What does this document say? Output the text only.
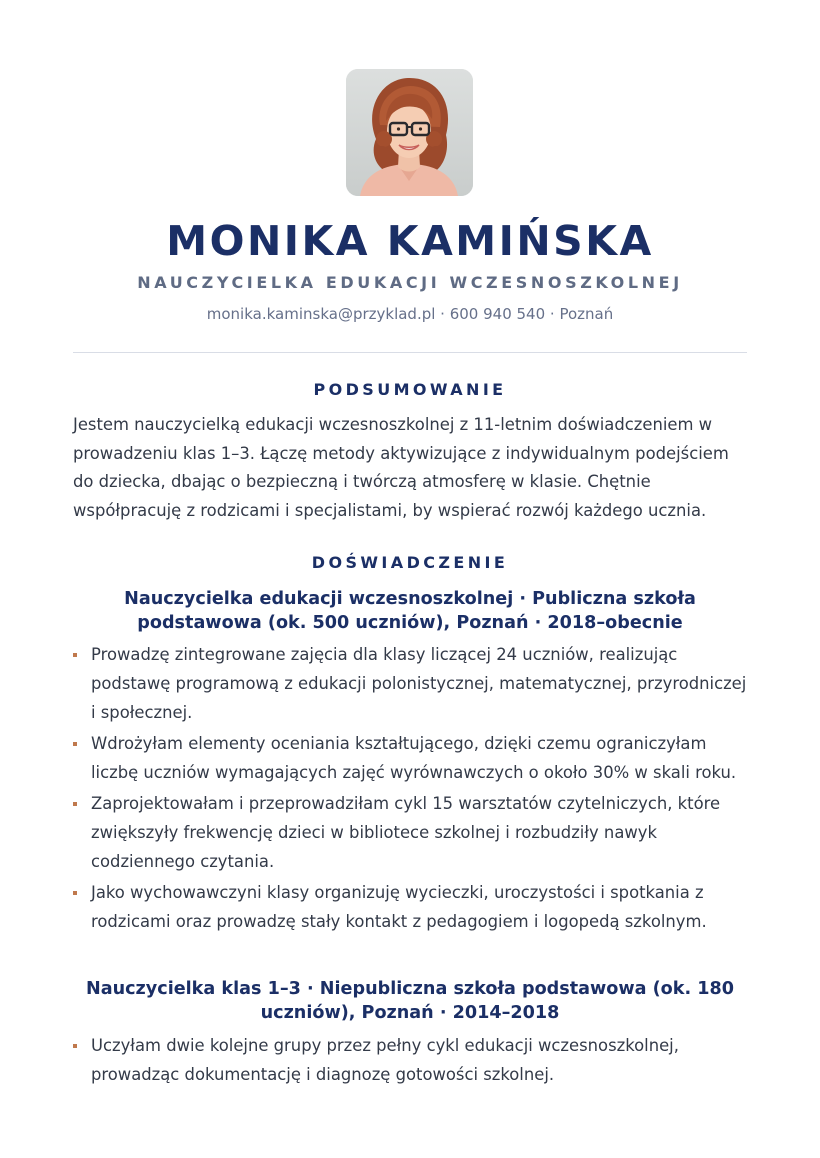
MONIKA KAMIŃSKA
NAUCZYCIELKA EDUKACJI WCZESNOSZKOLNEJ
monika.kaminska@przyklad.pl · 600 940 540 · Poznań
PODSUMOWANIE

Jestem nauczycielką edukacji wczesnoszkolnej z 11-letnim doświadczeniem w prowadzeniu klas 1–3. Łączę metody aktywizujące z indywidualnym podejściem do dziecka, dbając o bezpieczną i twórczą atmosferę w klasie. Chętnie współpracuję z rodzicami i specjalistami, by wspierać rozwój każdego ucznia.

DOŚWIADCZENIE
Nauczycielka edukacji wczesnoszkolnej · Publiczna szkoła
podstawowa (ok. 500 uczniów), Poznań · 2018–obecnie
Prowadzę zintegrowane zajęcia dla klasy liczącej 24 uczniów, realizując podstawę programową z edukacji polonistycznej, matematycznej, przyrodniczej i społecznej.
Wdrożyłam elementy oceniania kształtującego, dzięki czemu ograniczyłam liczbę uczniów wymagających zajęć wyrównawczych o około 30% w skali roku.
Zaprojektowałam i przeprowadziłam cykl 15 warsztatów czytelniczych, które zwiększyły frekwencję dzieci w bibliotece szkolnej i rozbudziły nawyk codziennego czytania.
Jako wychowawczyni klasy organizuję wycieczki, uroczystości i spotkania z rodzicami oraz prowadzę stały kontakt z pedagogiem i logopedą szkolnym.
Nauczycielka klas 1–3 · Niepubliczna szkoła podstawowa (ok. 180
uczniów), Poznań · 2014–2018
Uczyłam dwie kolejne grupy przez pełny cykl edukacji wczesnoszkolnej, prowadząc dokumentację i diagnozę gotowości szkolnej.
